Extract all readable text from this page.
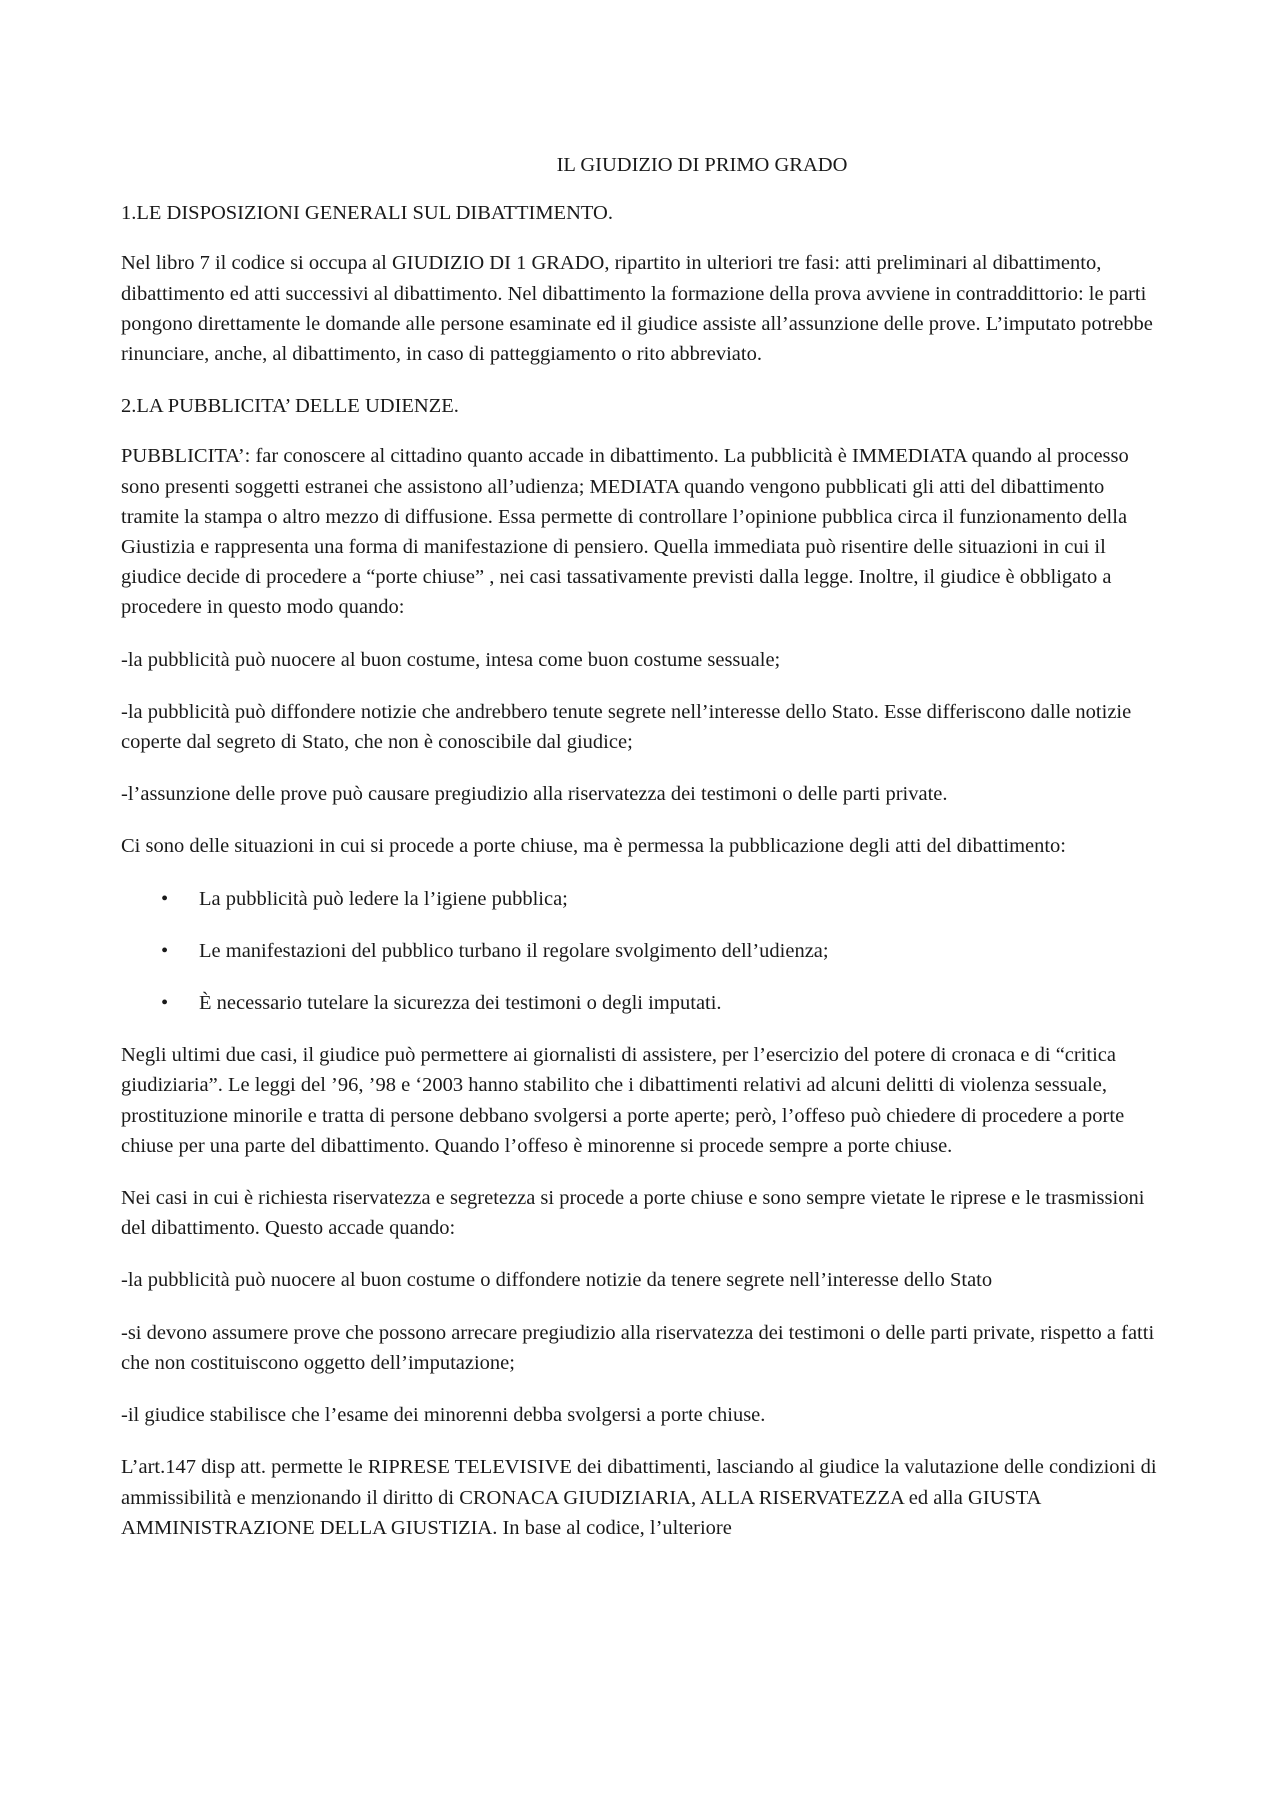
IL GIUDIZIO DI PRIMO GRADO

1.LE DISPOSIZIONI GENERALI SUL DIBATTIMENTO.

Nel libro 7 il codice si occupa al GIUDIZIO DI 1 GRADO, ripartito in ulteriori tre fasi: atti preliminari al dibattimento, dibattimento ed atti successivi al dibattimento. Nel dibattimento la formazione della prova avviene in contraddittorio: le parti pongono direttamente le domande alle persone esaminate ed il giudice assiste all’assunzione delle prove. L’imputato potrebbe rinunciare, anche, al dibattimento, in caso di patteggiamento o rito abbreviato.

2.LA PUBBLICITA’ DELLE UDIENZE.

PUBBLICITA’: far conoscere al cittadino quanto accade in dibattimento. La pubblicità è IMMEDIATA quando al processo sono presenti soggetti estranei che assistono all’udienza; MEDIATA quando vengono pubblicati gli atti del dibattimento tramite la stampa o altro mezzo di diffusione. Essa permette di controllare l’opinione pubblica circa il funzionamento della Giustizia e rappresenta una forma di manifestazione di pensiero. Quella immediata può risentire delle situazioni in cui il giudice decide di procedere a “porte chiuse” , nei casi tassativamente previsti dalla legge. Inoltre, il giudice è obbligato a procedere in questo modo quando:

-la pubblicità può nuocere al buon costume, intesa come buon costume sessuale;

-la pubblicità può diffondere notizie che andrebbero tenute segrete nell’interesse dello Stato. Esse differiscono dalle notizie coperte dal segreto di Stato, che non è conoscibile dal giudice;

-l’assunzione delle prove può causare pregiudizio alla riservatezza dei testimoni o delle parti private.

Ci sono delle situazioni in cui si procede a porte chiuse, ma è permessa la pubblicazione degli atti del dibattimento:

• La pubblicità può ledere la l’igiene pubblica;
• Le manifestazioni del pubblico turbano il regolare svolgimento dell’udienza;
• È necessario tutelare la sicurezza dei testimoni o degli imputati.

Negli ultimi due casi, il giudice può permettere ai giornalisti di assistere, per l’esercizio del potere di cronaca e di “critica giudiziaria”. Le leggi del ’96, ’98 e ‘2003 hanno stabilito che i dibattimenti relativi ad alcuni delitti di violenza sessuale, prostituzione minorile e tratta di persone debbano svolgersi a porte aperte; però, l’offeso può chiedere di procedere a porte chiuse per una parte del dibattimento. Quando l’offeso è minorenne si procede sempre a porte chiuse.

Nei casi in cui è richiesta riservatezza e segretezza si procede a porte chiuse e sono sempre vietate le riprese e le trasmissioni del dibattimento. Questo accade quando:

-la pubblicità può nuocere al buon costume o diffondere notizie da tenere segrete nell’interesse dello Stato

-si devono assumere prove che possono arrecare pregiudizio alla riservatezza dei testimoni o delle parti private, rispetto a fatti che non costituiscono oggetto dell’imputazione;

-il giudice stabilisce che l’esame dei minorenni debba svolgersi a porte chiuse.

L’art.147 disp att. permette le RIPRESE TELEVISIVE dei dibattimenti, lasciando al giudice la valutazione delle condizioni di ammissibilità e menzionando il diritto di CRONACA GIUDIZIARIA, ALLA RISERVATEZZA ed alla GIUSTA AMMINISTRAZIONE DELLA GIUSTIZIA. In base al codice, l’ulteriore
